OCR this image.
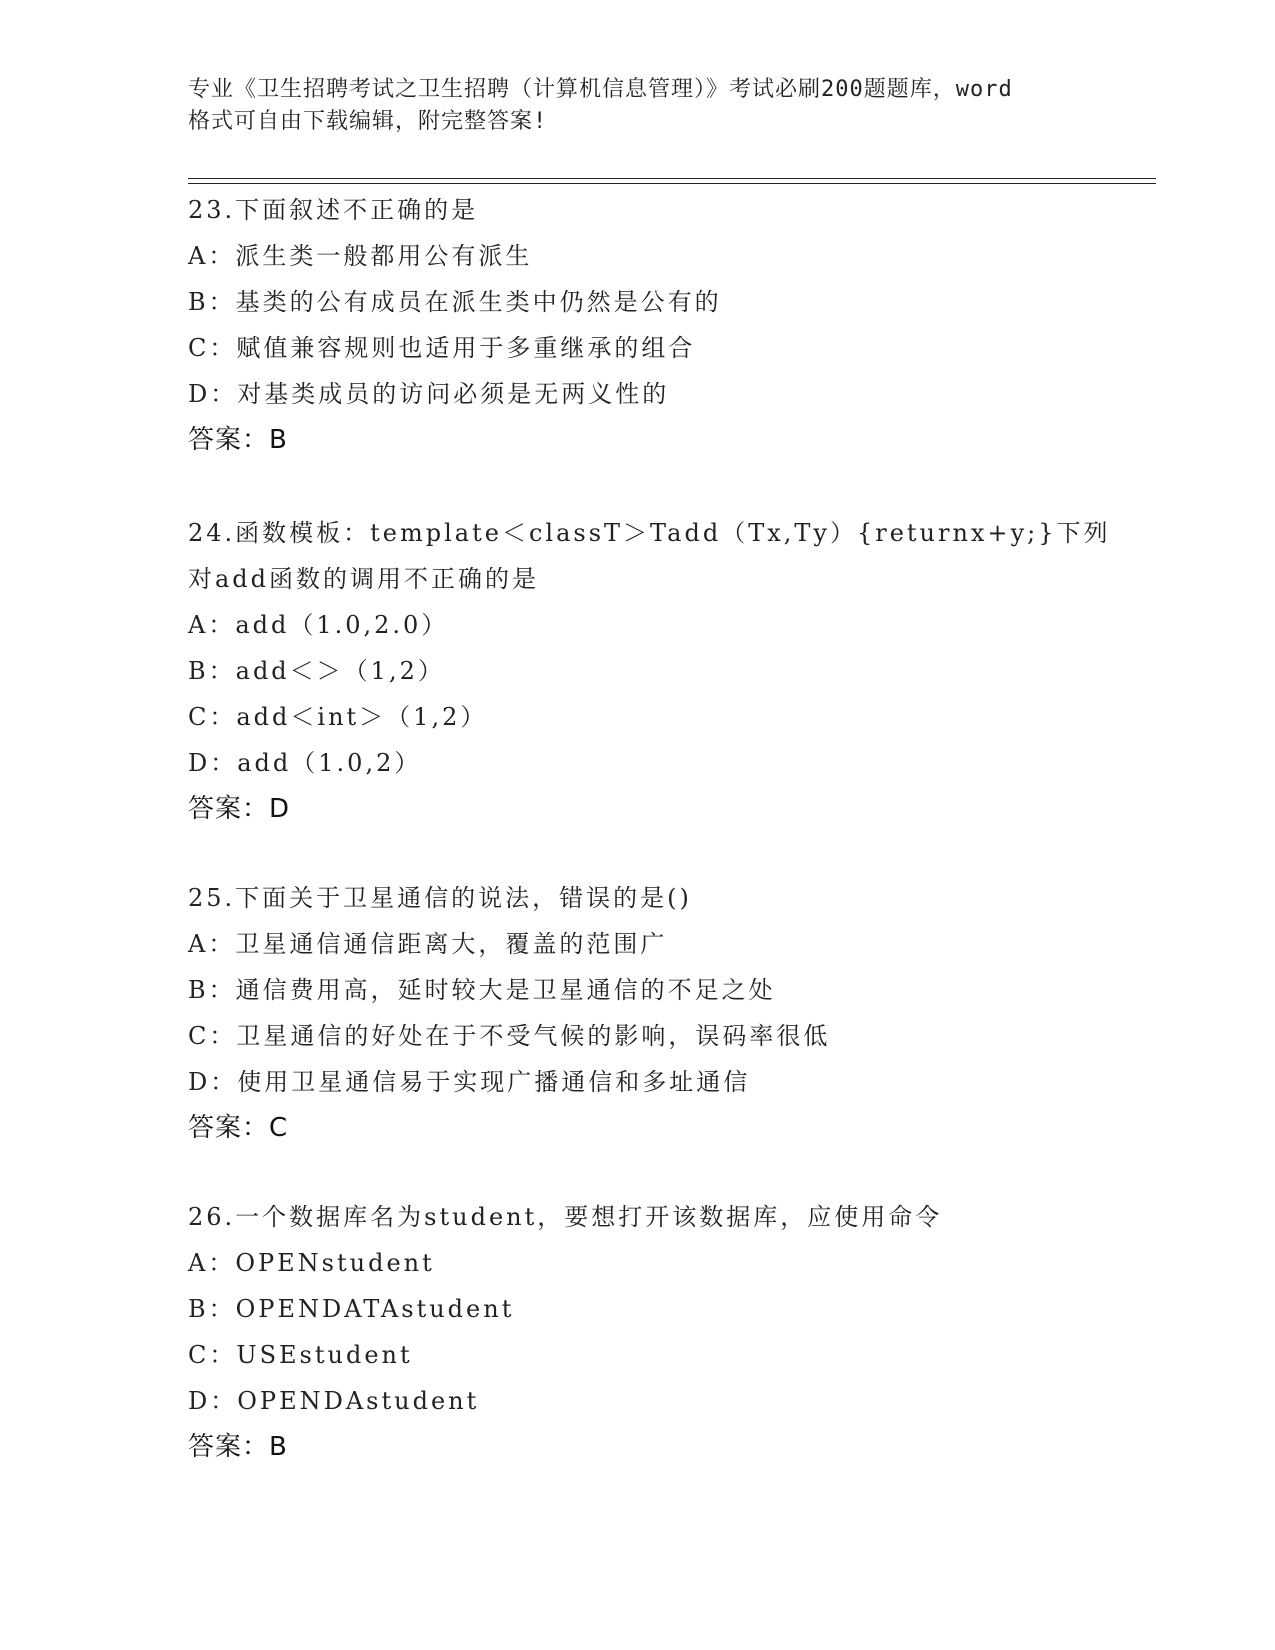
专业《卫生招聘考试之卫生招聘（计算机信息管理）》考试必刷200题题库，word
格式可自由下载编辑，附完整答案!
23.下面叙述不正确的是
A：派生类一般都用公有派生
B：基类的公有成员在派生类中仍然是公有的
C：赋值兼容规则也适用于多重继承的组合
D：对基类成员的访问必须是无两义性的
答案：B
24.函数模板：template＜classT＞Tadd（Tx,Ty）{returnx+y;}下列
对add函数的调用不正确的是
A：add（1.0,2.0）
B：add＜＞（1,2）
C：add＜int＞（1,2）
D：add（1.0,2）
答案：D
25.下面关于卫星通信的说法，错误的是()
A：卫星通信通信距离大，覆盖的范围广
B：通信费用高，延时较大是卫星通信的不足之处
C：卫星通信的好处在于不受气候的影响，误码率很低
D：使用卫星通信易于实现广播通信和多址通信
答案：C
26.一个数据库名为student，要想打开该数据库，应使用命令
A：OPENstudent
B：OPENDATAstudent
C：USEstudent
D：OPENDAstudent
答案：B
